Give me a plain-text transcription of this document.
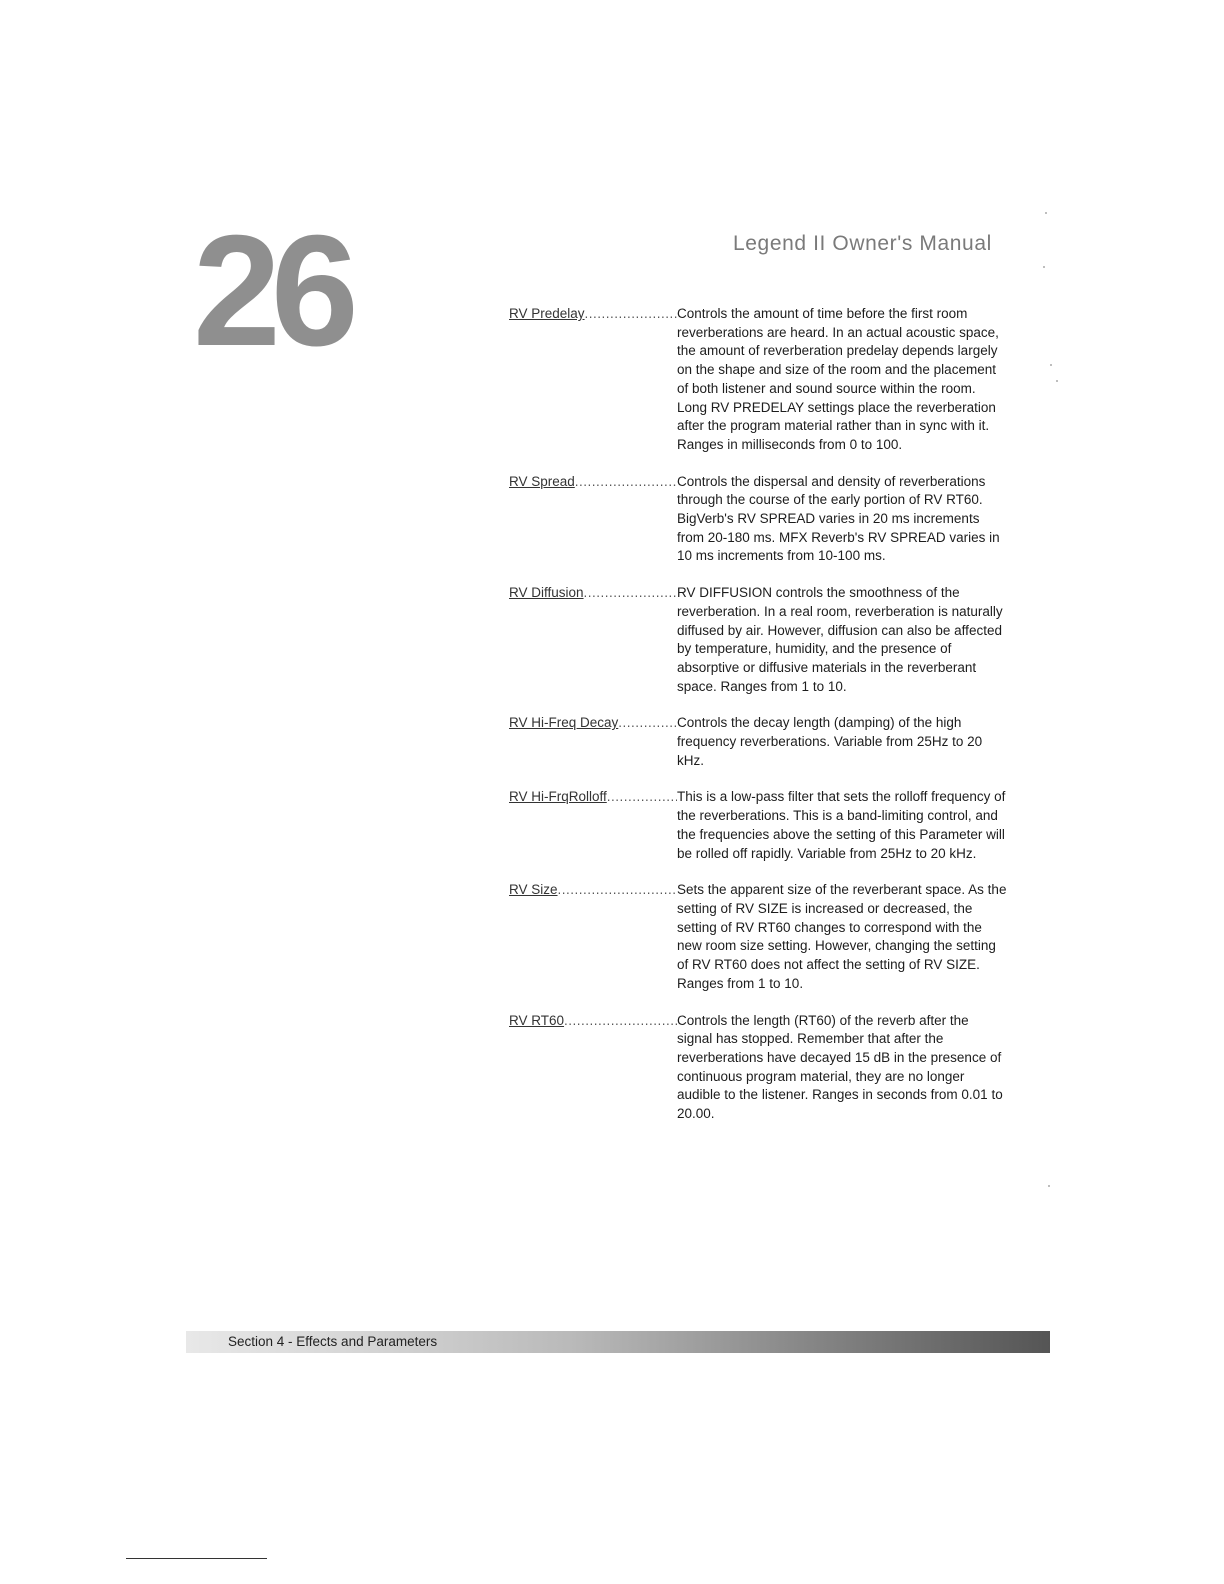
26	Legend II Owner's Manual
RV Predelay .....	Controls the amount of time before the first room reverberations are heard. In an actual acoustic space, the amount of reverberation predelay depends largely on the shape and size of the room and the placement of both listener and sound source within the room. Long RV PREDELAY settings place the reverberation after the program material rather than in sync with it. Ranges in milliseconds from 0 to 100.
RV Spread .....	Controls the dispersal and density of reverberations through the course of the early portion of RV RT60. BigVerb's RV SPREAD varies in 20 ms increments from 20-180 ms. MFX Reverb's RV SPREAD varies in 10 ms increments from 10-100 ms.
RV Diffusion .....	RV DIFFUSION controls the smoothness of the reverberation. In a real room, reverberation is naturally diffused by air. However, diffusion can also be affected by temperature, humidity, and the presence of absorptive or diffusive materials in the reverberant space. Ranges from 1 to 10.
RV Hi-Freq Decay .....	Controls the decay length (damping) of the high frequency reverberations. Variable from 25Hz to 20 kHz.
RV Hi-FrqRolloff .....	This is a low-pass filter that sets the rolloff frequency of the reverberations. This is a band-limiting control, and the frequencies above the setting of this Parameter will be rolled off rapidly. Variable from 25Hz to 20 kHz.
RV Size .....	Sets the apparent size of the reverberant space. As the setting of RV SIZE is increased or decreased, the setting of RV RT60 changes to correspond with the new room size setting. However, changing the setting of RV RT60 does not affect the setting of RV SIZE. Ranges from 1 to 10.
RV RT60 .....	Controls the length (RT60) of the reverb after the signal has stopped. Remember that after the reverberations have decayed 15 dB in the presence of continuous program material, they are no longer audible to the listener. Ranges in seconds from 0.01 to 20.00.
Section 4 - Effects and Parameters
